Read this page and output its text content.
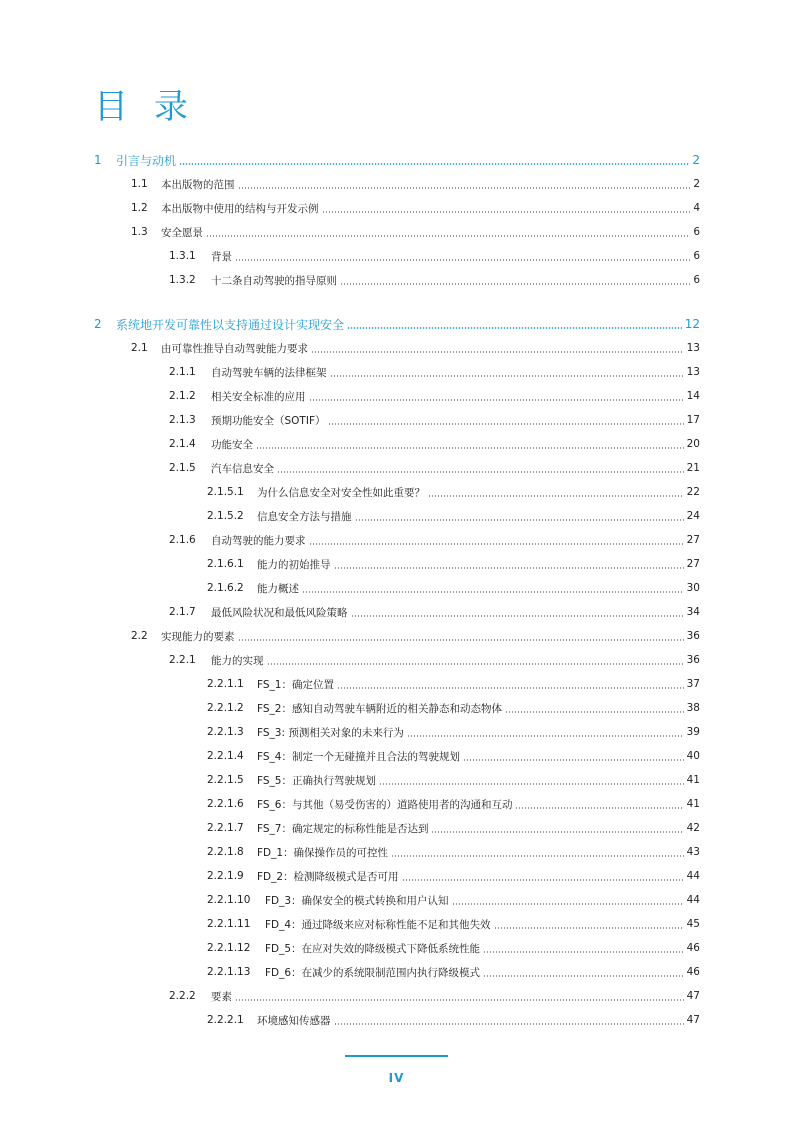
目录
1	引言与动机	2
1.1	本出版物的范围	2
1.2	本出版物中使用的结构与开发示例	4
1.3	安全愿景	6
1.3.1	背景	6
1.3.2	十二条自动驾驶的指导原则	6
2	系统地开发可靠性以支持通过设计实现安全	12
2.1	由可靠性推导自动驾驶能力要求	13
2.1.1	自动驾驶车辆的法律框架	13
2.1.2	相关安全标准的应用	14
2.1.3	预期功能安全（SOTIF）	17
2.1.4	功能安全	20
2.1.5	汽车信息安全	21
2.1.5.1	为什么信息安全对安全性如此重要？	22
2.1.5.2	信息安全方法与措施	24
2.1.6	自动驾驶的能力要求	27
2.1.6.1	能力的初始推导	27
2.1.6.2	能力概述	30
2.1.7	最低风险状况和最低风险策略	34
2.2	实现能力的要素	36
2.2.1	能力的实现	36
2.2.1.1	FS_1：确定位置	37
2.2.1.2	FS_2：感知自动驾驶车辆附近的相关静态和动态物体	38
2.2.1.3	FS_3: 预测相关对象的未来行为	39
2.2.1.4	FS_4：制定一个无碰撞并且合法的驾驶规划	40
2.2.1.5	FS_5：正确执行驾驶规划	41
2.2.1.6	FS_6：与其他（易受伤害的）道路使用者的沟通和互动	41
2.2.1.7	FS_7：确定规定的标称性能是否达到	42
2.2.1.8	FD_1：确保操作员的可控性	43
2.2.1.9	FD_2：检测降级模式是否可用	44
2.2.1.10	FD_3：确保安全的模式转换和用户认知	44
2.2.1.11	FD_4：通过降级来应对标称性能不足和其他失效	45
2.2.1.12	FD_5：在应对失效的降级模式下降低系统性能	46
2.2.1.13	FD_6：在减少的系统限制范围内执行降级模式	46
2.2.2	要素	47
2.2.2.1	环境感知传感器	47
IV
